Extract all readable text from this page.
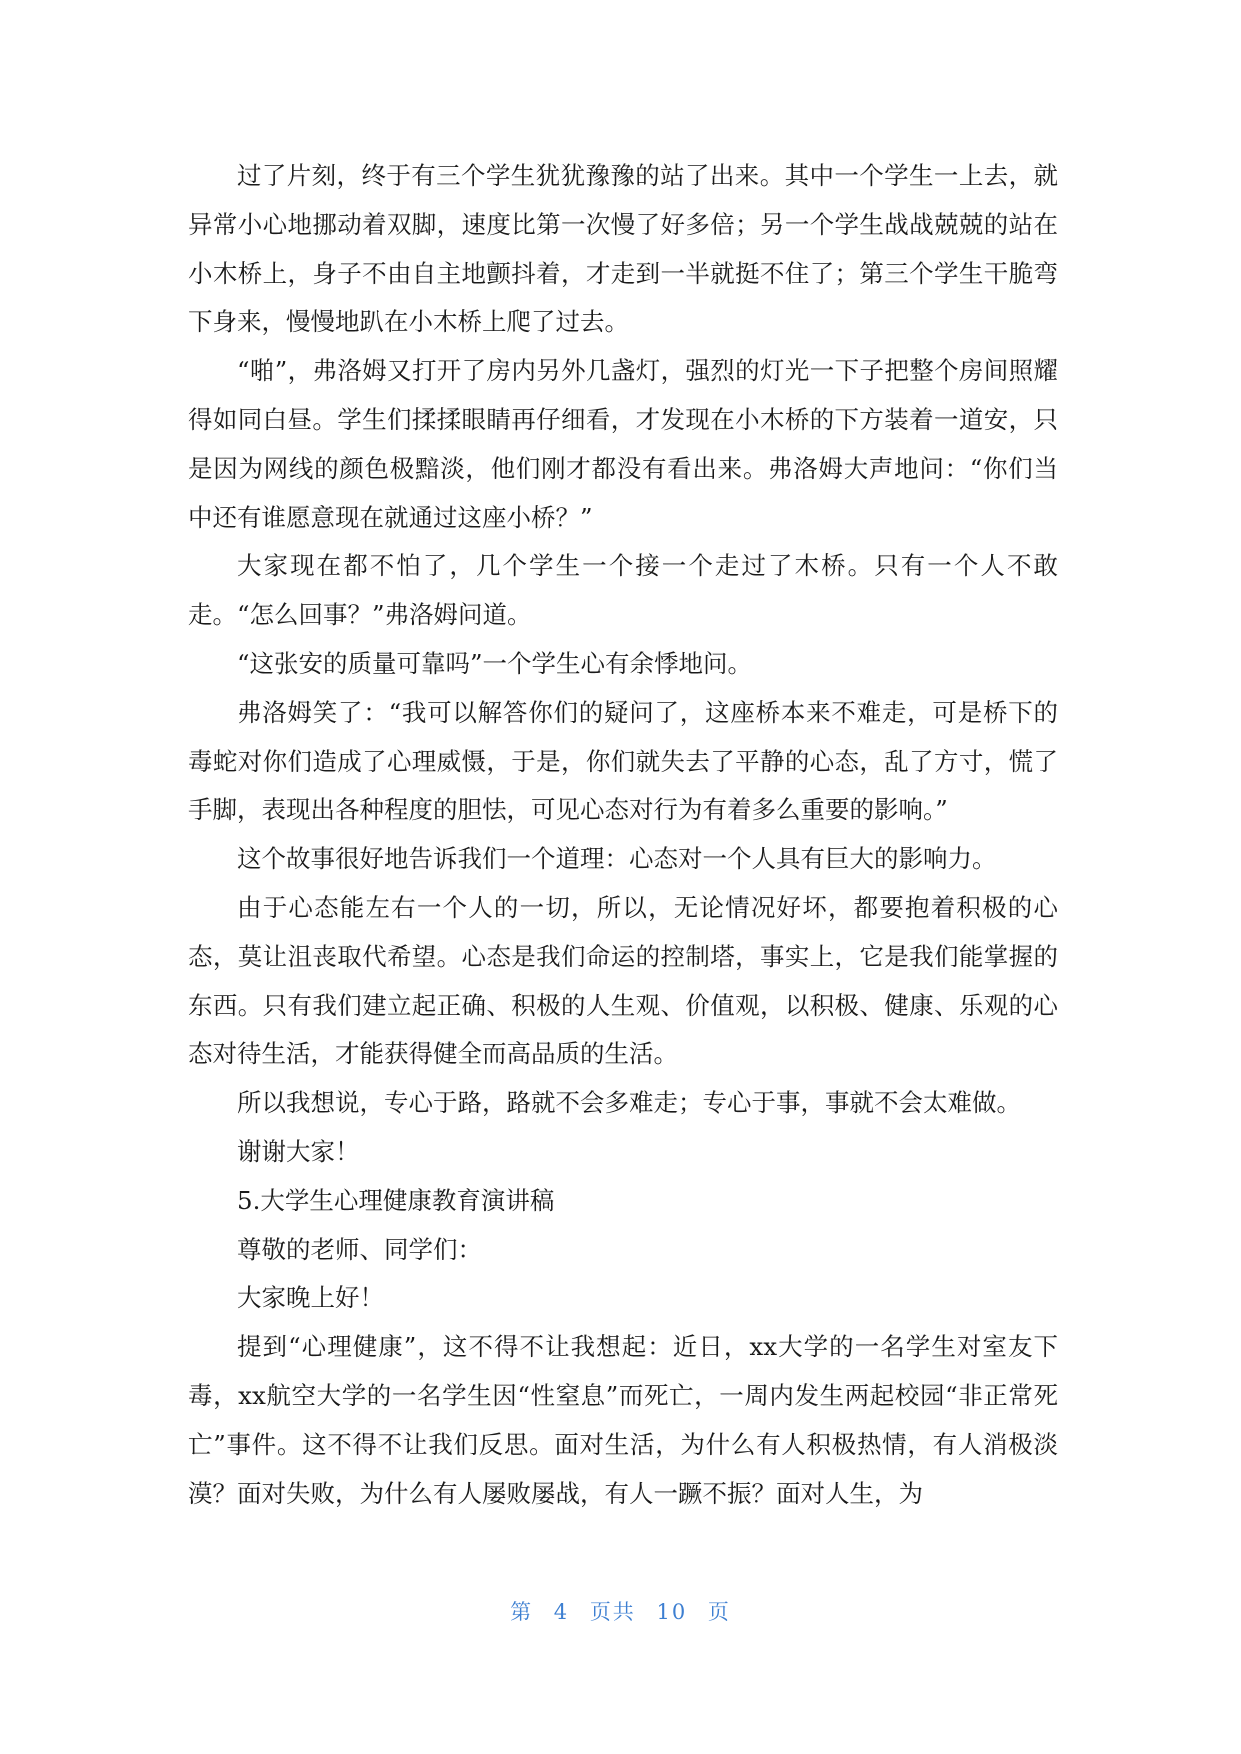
过了片刻，终于有三个学生犹犹豫豫的站了出来。其中一个学生一上去，就异常小心地挪动着双脚，速度比第一次慢了好多倍；另一个学生战战兢兢的站在小木桥上，身子不由自主地颤抖着，才走到一半就挺不住了；第三个学生干脆弯下身来，慢慢地趴在小木桥上爬了过去。

“啪”，弗洛姆又打开了房内另外几盏灯，强烈的灯光一下子把整个房间照耀得如同白昼。学生们揉揉眼睛再仔细看，才发现在小木桥的下方装着一道安，只是因为网线的颜色极黯淡，他们刚才都没有看出来。弗洛姆大声地问：“你们当中还有谁愿意现在就通过这座小桥？”

大家现在都不怕了，几个学生一个接一个走过了木桥。只有一个人不敢走。“怎么回事？”弗洛姆问道。

“这张安的质量可靠吗”一个学生心有余悸地问。

弗洛姆笑了：“我可以解答你们的疑问了，这座桥本来不难走，可是桥下的毒蛇对你们造成了心理威慑，于是，你们就失去了平静的心态，乱了方寸，慌了手脚，表现出各种程度的胆怯，可见心态对行为有着多么重要的影响。”

这个故事很好地告诉我们一个道理：心态对一个人具有巨大的影响力。

由于心态能左右一个人的一切，所以，无论情况好坏，都要抱着积极的心态，莫让沮丧取代希望。心态是我们命运的控制塔，事实上，它是我们能掌握的东西。只有我们建立起正确、积极的人生观、价值观，以积极、健康、乐观的心态对待生活，才能获得健全而高品质的生活。

所以我想说，专心于路，路就不会多难走；专心于事，事就不会太难做。

谢谢大家！

5.大学生心理健康教育演讲稿

尊敬的老师、同学们：

大家晚上好！

提到“心理健康”，这不得不让我想起：近日，xx大学的一名学生对室友下毒，xx航空大学的一名学生因“性窒息”而死亡，一周内发生两起校园“非正常死亡”事件。这不得不让我们反思。面对生活，为什么有人积极热情，有人消极淡漠？面对失败，为什么有人屡败屡战，有人一蹶不振？面对人生，为

第 4 页共 10 页
